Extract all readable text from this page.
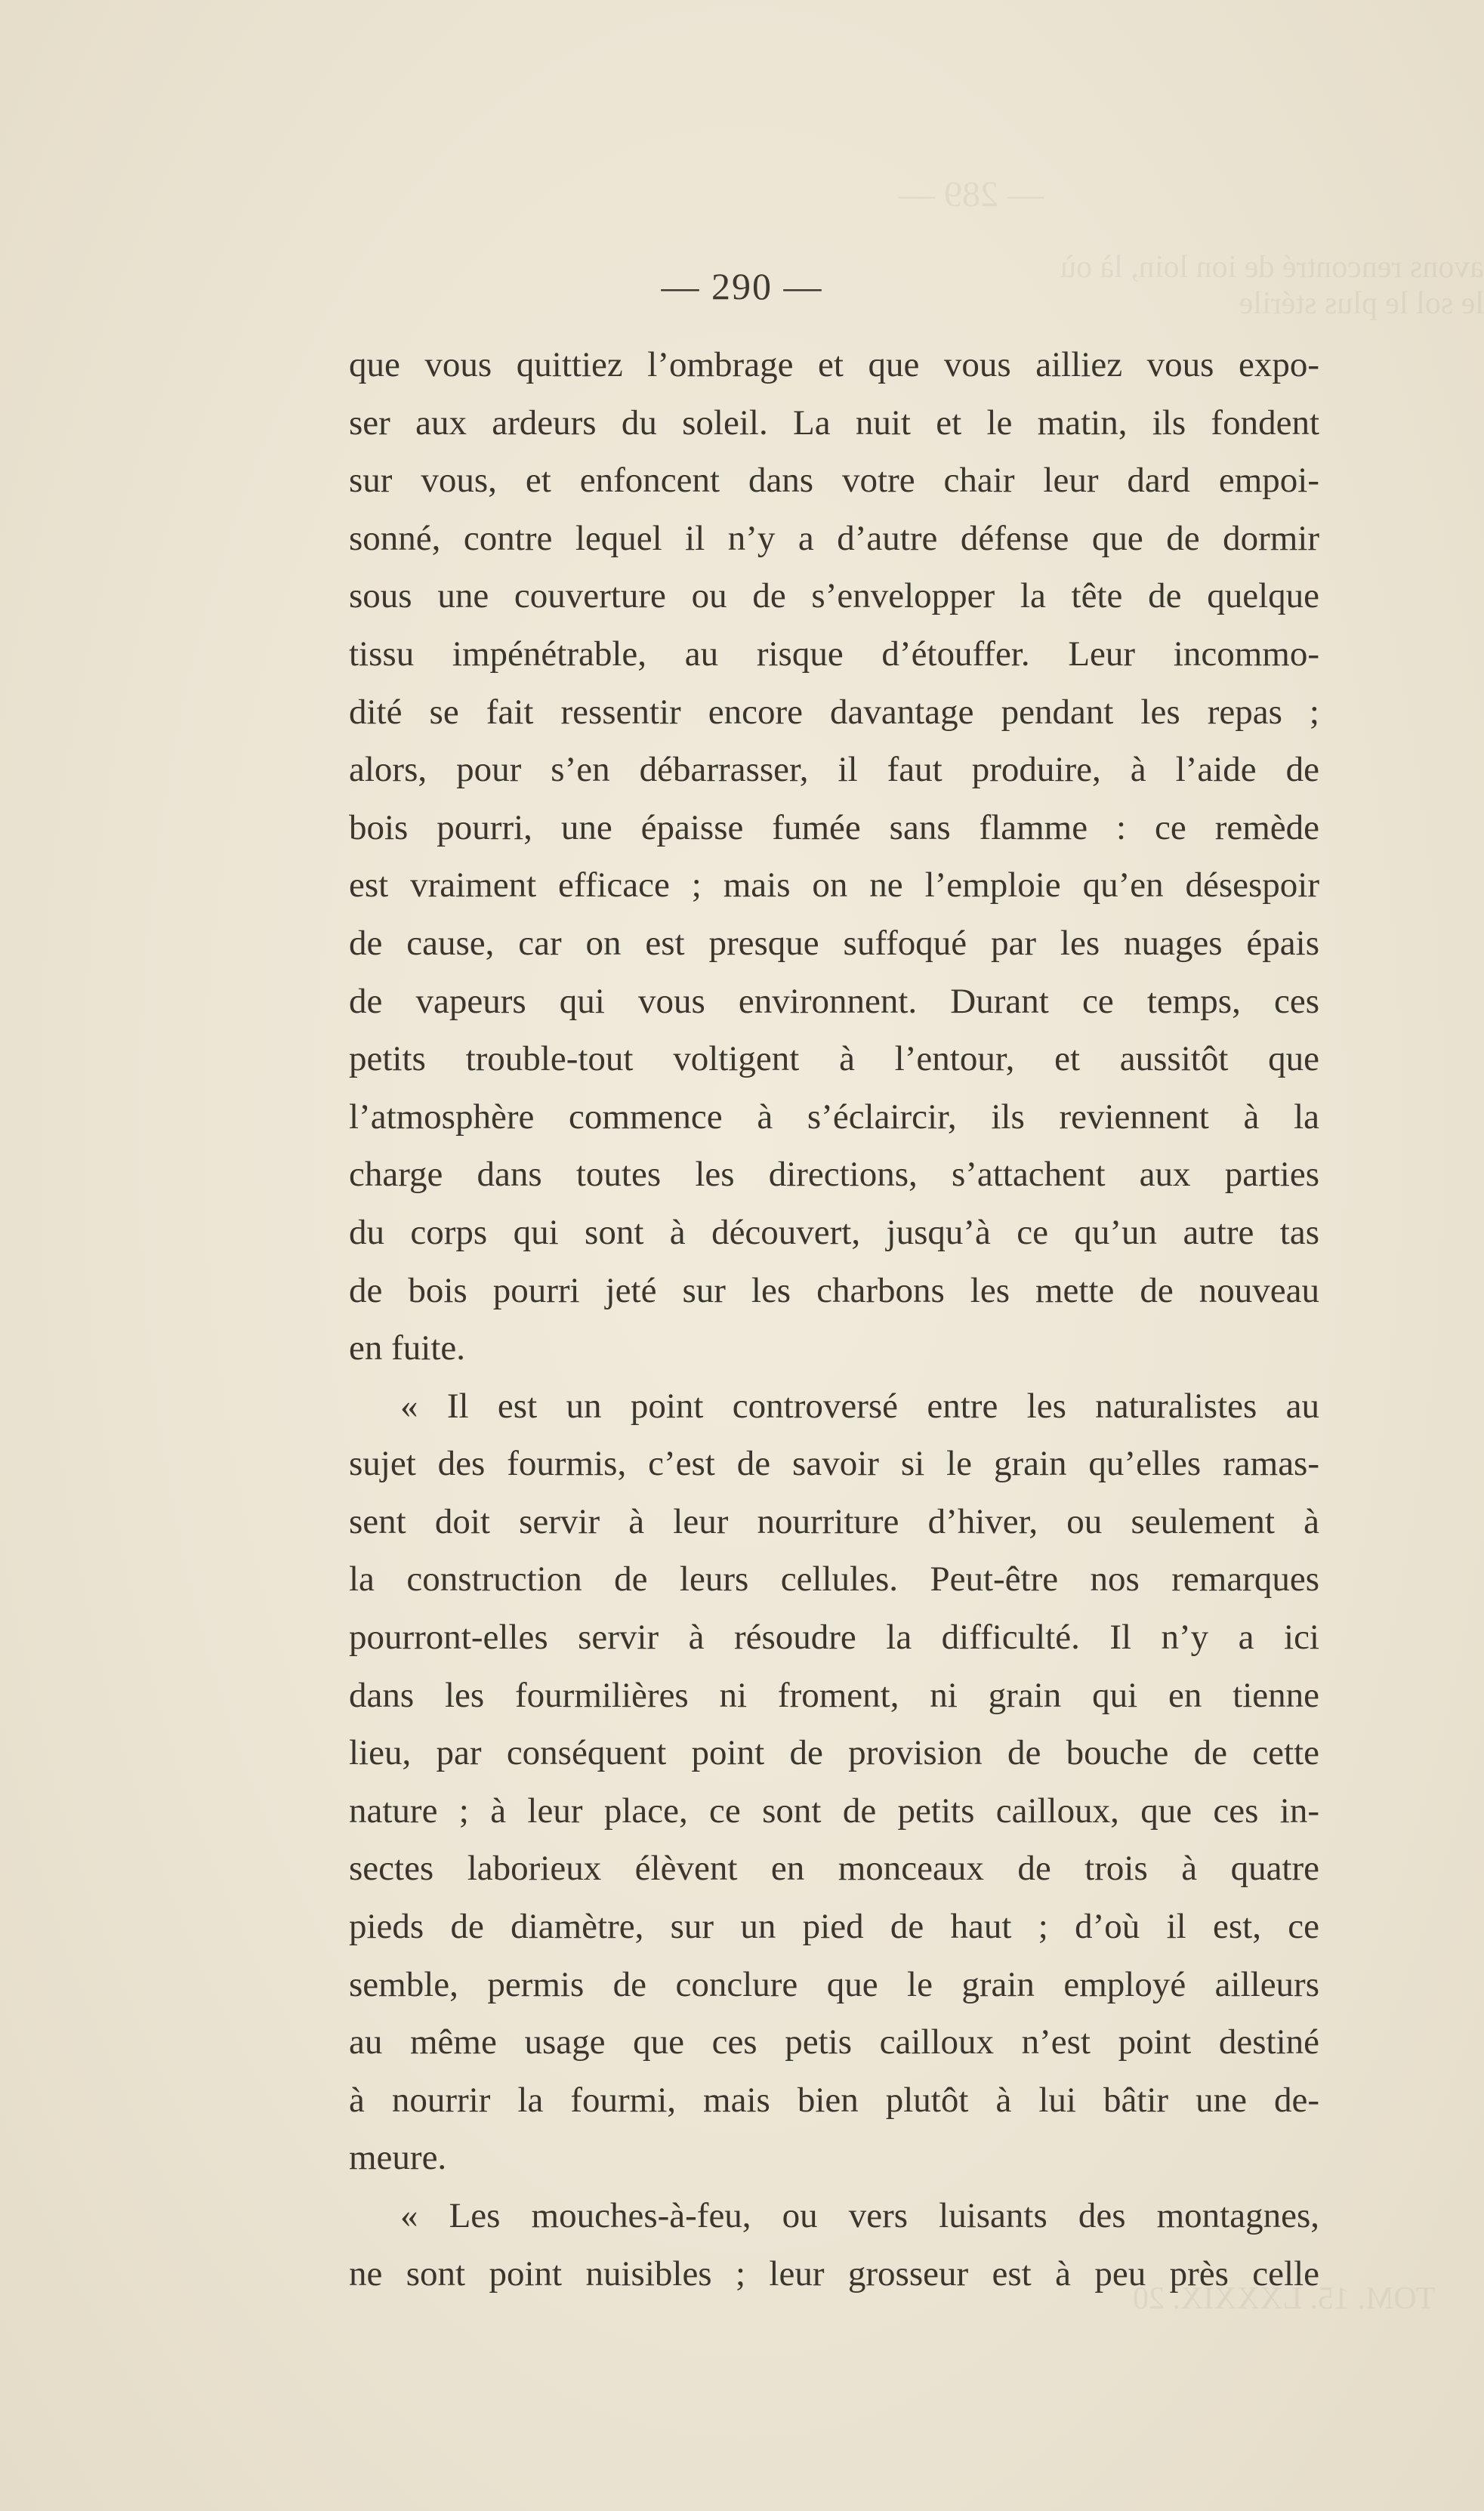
— 289 —
avons rencontré de ion loin, là où le sol le plus stérile
TOM. 15. LXXXIX. 20
— 290 —
que vous quittiez l’ombrage et que vous ailliez vous expo-
ser aux ardeurs du soleil. La nuit et le matin, ils fondent
sur vous, et enfoncent dans votre chair leur dard empoi-
sonné, contre lequel il n’y a d’autre défense que de dormir
sous une couverture ou de s’envelopper la tête de quelque
tissu impénétrable, au risque d’étouffer. Leur incommo-
dité se fait ressentir encore davantage pendant les repas ;
alors, pour s’en débarrasser, il faut produire, à l’aide de
bois pourri, une épaisse fumée sans flamme : ce remède
est vraiment efficace ; mais on ne l’emploie qu’en désespoir
de cause, car on est presque suffoqué par les nuages épais
de vapeurs qui vous environnent. Durant ce temps, ces
petits trouble-tout voltigent à l’entour, et aussitôt que
l’atmosphère commence à s’éclaircir, ils reviennent à la
charge dans toutes les directions, s’attachent aux parties
du corps qui sont à découvert, jusqu’à ce qu’un autre tas
de bois pourri jeté sur les charbons les mette de nouveau
en fuite.
« Il est un point controversé entre les naturalistes au
sujet des fourmis, c’est de savoir si le grain qu’elles ramas-
sent doit servir à leur nourriture d’hiver, ou seulement à
la construction de leurs cellules. Peut-être nos remarques
pourront-elles servir à résoudre la difficulté. Il n’y a ici
dans les fourmilières ni froment, ni grain qui en tienne
lieu, par conséquent point de provision de bouche de cette
nature ; à leur place, ce sont de petits cailloux, que ces in-
sectes laborieux élèvent en monceaux de trois à quatre
pieds de diamètre, sur un pied de haut ; d’où il est, ce
semble, permis de conclure que le grain employé ailleurs
au même usage que ces petis cailloux n’est point destiné
à nourrir la fourmi, mais bien plutôt à lui bâtir une de-
meure.
« Les mouches-à-feu, ou vers luisants des montagnes,
ne sont point nuisibles ; leur grosseur est à peu près celle
